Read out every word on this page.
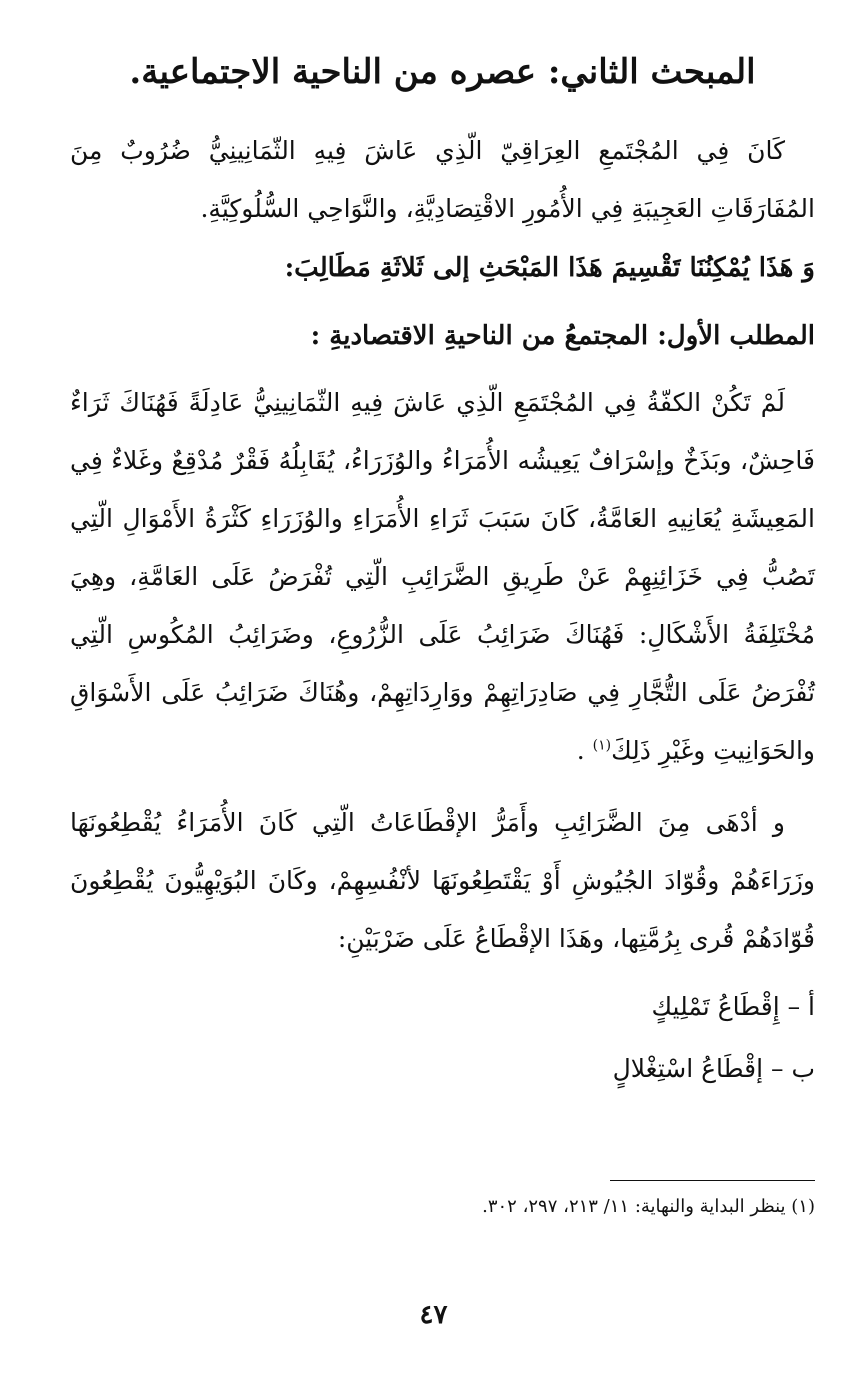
المبحث الثاني: عصره من الناحية الاجتماعية.

كَانَ فِي المُجْتَمعِ العِرَاقِيّ الّذِي عَاشَ فِيهِ الثّمَانِينِيُّ ضُرُوبٌ مِنَ المُفَارَقَاتِ العَجِيبَةِ فِي الأُمُورِ الاقْتِصَادِيَّةِ، والنَّوَاحِي السُّلُوكِيَّةِ.

وَ هَذَا يُمْكِنُنَا تَقْسِيمَ هَذَا المَبْحَثِ إلى ثَلاثَةِ مَطَالِبَ:

المطلب الأول: المجتمعُ من الناحيةِ الاقتصاديةِ :

لَمْ تَكُنْ الكفّةُ فِي المُجْتَمَعِ الّذِي عَاشَ فِيهِ الثّمَانِينِيُّ عَادِلَةً فَهُنَاكَ ثَرَاءٌ فَاحِشٌ، وبَذَخٌ وإسْرَافٌ يَعِيشُه الأُمَرَاءُ والوُزَرَاءُ، يُقَابِلُهُ فَقْرٌ مُدْقِعٌ وغَلاءٌ فِي المَعِيشَةِ يُعَانِيهِ العَامَّةُ، كَانَ سَبَبَ ثَرَاءِ الأُمَرَاءِ والوُزَرَاءِ كَثْرَةُ الأَمْوَالِ الّتِي تَصُبُّ فِي خَزَائِنِهِمْ عَنْ طَرِيقِ الضَّرَائِبِ الّتِي تُفْرَضُ عَلَى العَامَّةِ، وهِيَ مُخْتَلِفَةُ الأَشْكَالِ: فَهُنَاكَ ضَرَائِبُ عَلَى الزُّرُوعِ، وضَرَائِبُ المُكُوسِ الّتِي تُفْرَضُ عَلَى التُّجَّارِ فِي صَادِرَاتِهِمْ ووَارِدَاتِهِمْ، وهُنَاكَ ضَرَائِبُ عَلَى الأَسْوَاقِ والحَوَانِيتِ وغَيْرِ ذَلِكَ$^{(١)}$ .

و أدْهَى مِنَ الضَّرَائِبِ وأَمَرُّ الإقْطَاعَاتُ الّتِي كَانَ الأُمَرَاءُ يُقْطِعُونَهَا وزَرَاءَهُمْ وقُوّادَ الجُيُوشِ أَوْ يَقْتَطِعُونَهَا لأنْفُسِهِمْ، وكَانَ البُوَيْهِيُّونَ يُقْطِعُونَ قُوّادَهُمْ قُرى بِرُمَّتِها، وهَذَا الإقْطَاعُ عَلَى ضَرْبَيْنِ:

أ – إِقْطَاعُ تَمْلِيكٍ

ب – إقْطَاعُ اسْتِغْلالٍ

(١) ينظر البداية والنهاية: ١١/ ٢١٣، ٢٩٧، ٣٠٢.
٤٧
